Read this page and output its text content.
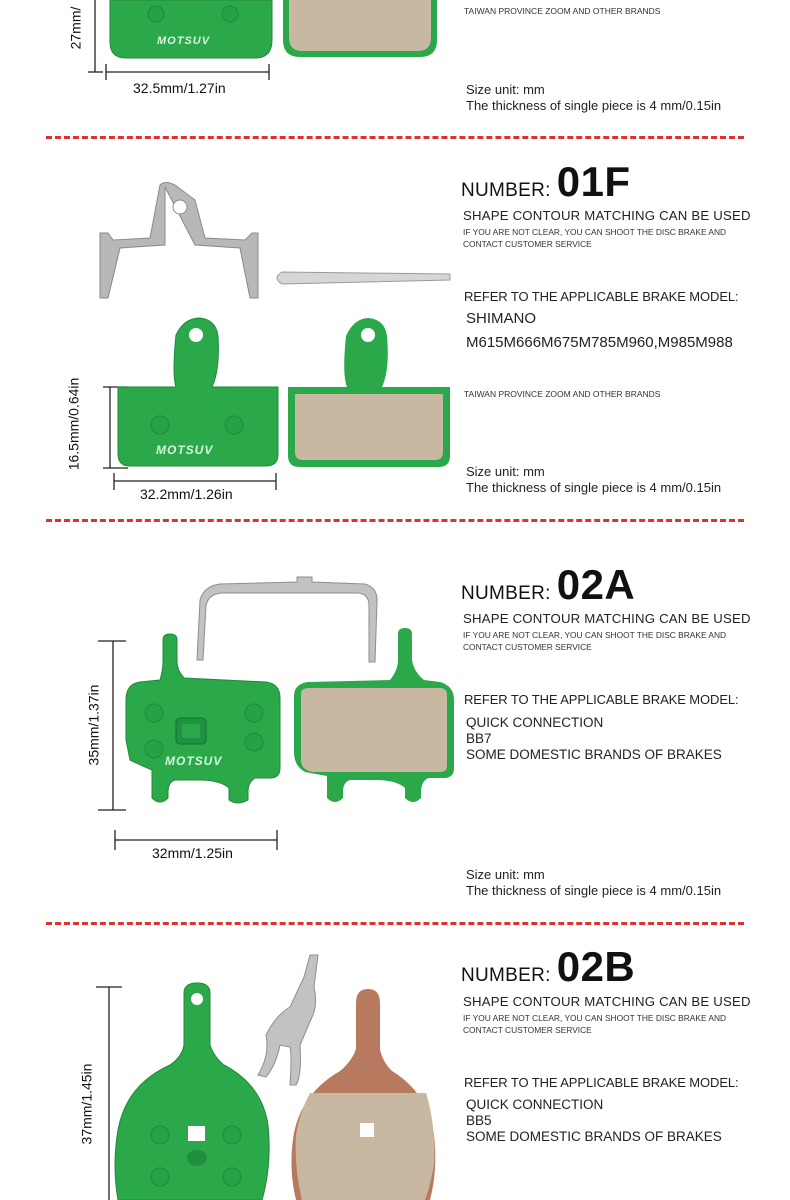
27mm/	MOTSUV
32.5mm/1.27in
TAIWAN PROVINCE ZOOM AND OTHER BRANDS
Size unit: mm
The thickness of single piece is 4 mm/0.15in
MOTSUV
16.5mm/0.64in
32.2mm/1.26in
NUMBER: 01F
SHAPE CONTOUR MATCHING CAN BE USED
IF YOU ARE NOT CLEAR, YOU CAN SHOOT THE DISC BRAKE AND CONTACT CUSTOMER SERVICE
REFER TO THE APPLICABLE BRAKE MODEL:
SHIMANO M615M666M675M785M960,M985M988
TAIWAN PROVINCE ZOOM AND OTHER BRANDS
Size unit: mm
The thickness of single piece is 4 mm/0.15in
MOTSUV
35mm/1.37in
32mm/1.25in
NUMBER: 02A
SHAPE CONTOUR MATCHING CAN BE USED
IF YOU ARE NOT CLEAR, YOU CAN SHOOT THE DISC BRAKE AND CONTACT CUSTOMER SERVICE
REFER TO THE APPLICABLE BRAKE MODEL:
QUICK CONNECTION
BB7
SOME DOMESTIC BRANDS OF BRAKES
Size unit: mm
The thickness of single piece is 4 mm/0.15in
37mm/1.45in
NUMBER: 02B
SHAPE CONTOUR MATCHING CAN BE USED
IF YOU ARE NOT CLEAR, YOU CAN SHOOT THE DISC BRAKE AND CONTACT CUSTOMER SERVICE
REFER TO THE APPLICABLE BRAKE MODEL:
QUICK CONNECTION
BB5
SOME DOMESTIC BRANDS OF BRAKES
